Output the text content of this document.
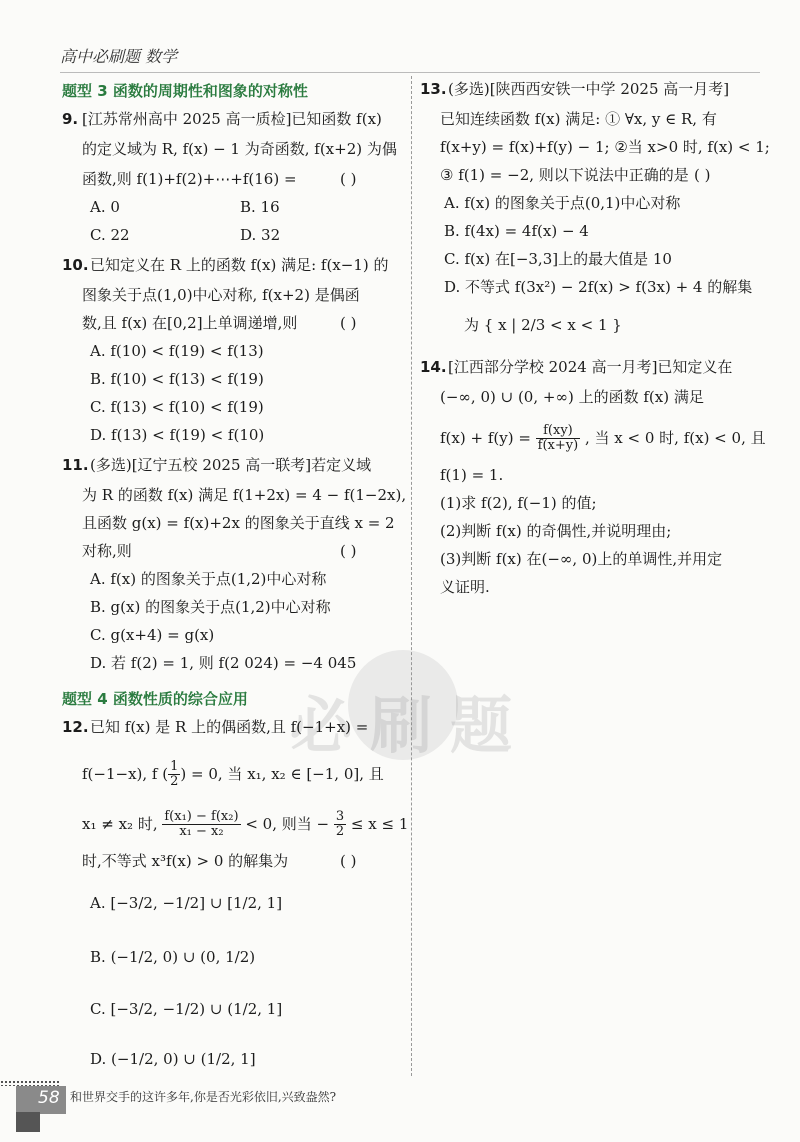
高中必刷题 数学
必刷题
题型 3 函数的周期性和图象的对称性
9. [江苏常州高中 2025 高一质检]已知函数 f(x)
的定义域为 R, f(x) − 1 为奇函数, f(x+2) 为偶
函数,则 f(1)+f(2)+⋯+f(16) =	( )
A. 0	B. 16
C. 22	D. 32
10. 已知定义在 R 上的函数 f(x) 满足: f(x−1) 的
图象关于点(1,0)中心对称, f(x+2) 是偶函
数,且 f(x) 在[0,2]上单调递增,则	( )
A. f(10) < f(19) < f(13)
B. f(10) < f(13) < f(19)
C. f(13) < f(10) < f(19)
D. f(13) < f(19) < f(10)
11. (多选)[辽宁五校 2025 高一联考]若定义域
为 R 的函数 f(x) 满足 f(1+2x) = 4 − f(1−2x),
且函数 g(x) = f(x)+2x 的图象关于直线 x = 2
对称,则	( )
A. f(x) 的图象关于点(1,2)中心对称
B. g(x) 的图象关于点(1,2)中心对称
C. g(x+4) = g(x)
D. 若 f(2) = 1, 则 f(2 024) = −4 045
题型 4 函数性质的综合应用
12. 已知 f(x) 是 R 上的偶函数,且 f(−1+x) =
f(−1−x), f ( $\frac{1}{2}$ ) = 0, 当 x₁, x₂ ∈ [−1, 0], 且
x₁ ≠ x₂ 时, $\frac{\text{f(x₁) − f(x₂)}}{\text{x₁ − x₂}} < 0$, 则当 − $\frac{3}{2} \le x \le 1$
时,不等式 x³f(x) > 0 的解集为	( )
A. [−3/2, −1/2] ∪ [1/2, 1]
B. (−1/2, 0) ∪ (0, 1/2)
C. [−3/2, −1/2) ∪ (1/2, 1]
D. (−1/2, 0) ∪ (1/2, 1]
13. (多选)[陕西西安铁一中学 2025 高一月考]
已知连续函数 f(x) 满足: ① ∀x, y ∈ R, 有
f(x+y) = f(x)+f(y) − 1; ②当 x>0 时, f(x) < 1;
③ f(1) = −2, 则以下说法中正确的是 ( )
A. f(x) 的图象关于点(0,1)中心对称
B. f(4x) = 4f(x) − 4
C. f(x) 在[−3,3]上的最大值是 10
D. 不等式 f(3x²) − 2f(x) > f(3x) + 4 的解集
为 { x | 2/3 < x < 1 }
14. [江西部分学校 2024 高一月考]已知定义在
(−∞, 0) ∪ (0, +∞) 上的函数 f(x) 满足
$f(x) + f(y) = \frac{f(xy)}{f(x+y)}$ , 当 x < 0 时, f(x) < 0, 且
f(1) = 1.
(1)求 f(2), f(−1) 的值;
(2)判断 f(x) 的奇偶性,并说明理由;
(3)判断 f(x) 在(−∞, 0)上的单调性,并用定
义证明.
58 和世界交手的这许多年,你是否光彩依旧,兴致盎然?
